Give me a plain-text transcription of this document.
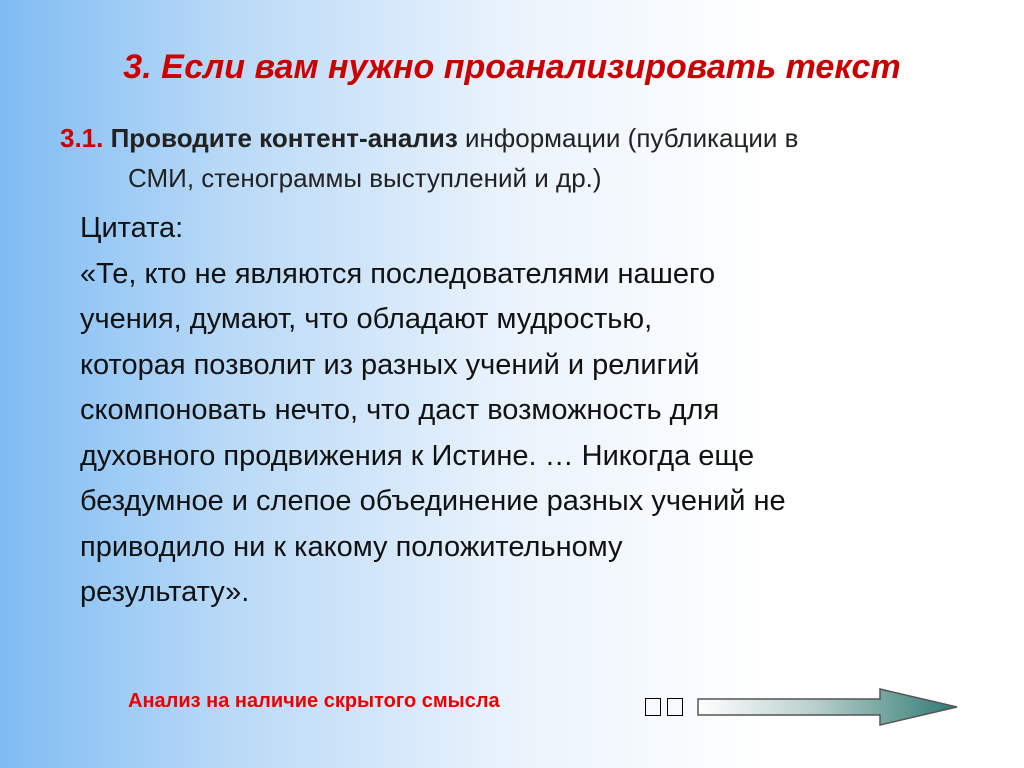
3. Если вам нужно проанализировать текст
3.1. Проводите контент-анализ информации (публикации в
СМИ, стенограммы выступлений и др.)
Цитата:
«Те, кто не являются последователями нашего
учения, думают, что обладают мудростью,
которая позволит из разных учений и религий
скомпоновать нечто, что даст возможность для
духовного продвижения к Истине. … Никогда еще
бездумное и слепое объединение разных учений не
приводило ни к какому положительному
результату».
Анализ на наличие скрытого смысла
